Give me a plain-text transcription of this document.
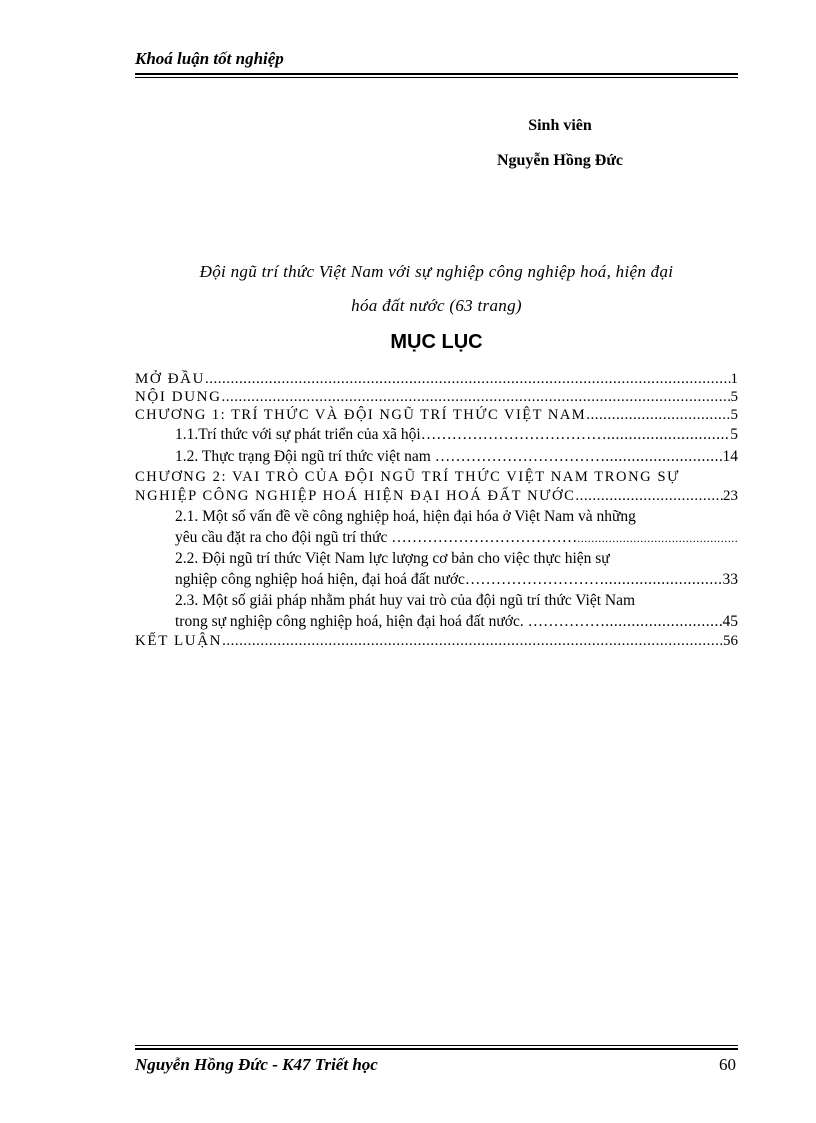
Khoá luận tốt nghiệp
Sinh viên
Nguyễn Hồng Đức
Đội ngũ trí thức Việt Nam với sự nghiệp công nghiệp hoá, hiện đại
hóa đất nước (63 trang)
MỤC LỤC
MỞ ĐẦU .....	1
NỘI DUNG .....	5
CHƯƠNG 1: TRÍ THỨC VÀ ĐỘI NGŨ TRÍ THỨC VIỆT NAM .....	5
1.1.Trí thức với sự phát triển của xã hội……………………………… .....	5
1.2. Thực trạng Đội ngũ trí thức việt nam …………………………… .....	14
CHƯƠNG 2: VAI TRÒ CỦA ĐỘI NGŨ TRÍ THỨC VIỆT NAM TRONG SỰ
NGHIỆP CÔNG NGHIỆP HOÁ HIỆN ĐẠI HOÁ ĐẤT NƯỚC .....	23
2.1. Một số vấn đề về công nghiệp hoá, hiện đại hóa ở Việt Nam và những
yêu cầu đặt ra cho đội ngũ trí thức ………………………………
.....
2.2. Đội ngũ trí thức Việt Nam lực lượng cơ bản cho việc thực hiện sự
nghiệp công nghiệp hoá hiện, đại hoá đất nước……………………… .....	33
2.3. Một số giải pháp nhằm phát huy vai trò của đội ngũ trí thức Việt Nam
trong sự nghiệp công nghiệp hoá, hiện đại hoá đất nước. …………… .....	45
KẾT LUẬN .....	56
Nguyễn Hồng Đức - K47 Triết học	60
